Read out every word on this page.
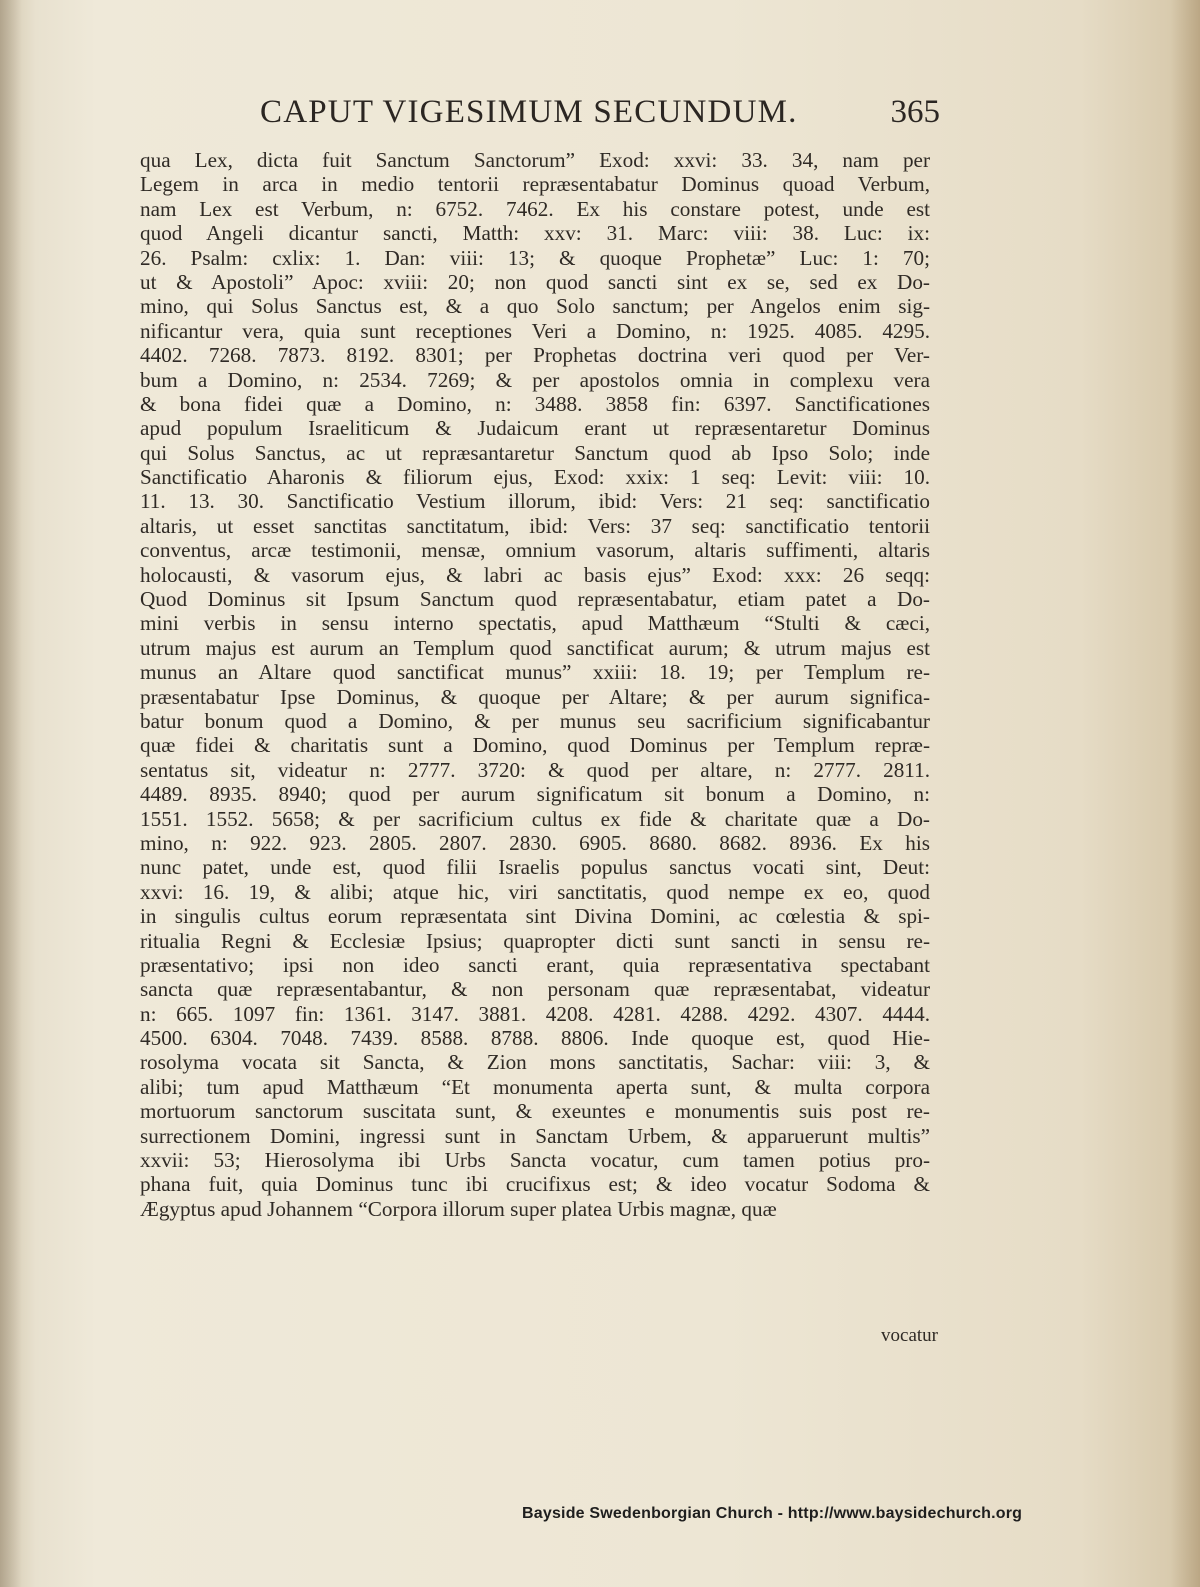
CAPUT VIGESIMUM SECUNDUM.	365
qua Lex, dicta fuit Sanctum Sanctorum” Exod: xxvi: 33. 34, nam per
Legem in arca in medio tentorii repræsentabatur Dominus quoad Verbum,
nam Lex est Verbum, n: 6752. 7462. Ex his constare potest, unde est
quod Angeli dicantur sancti, Matth: xxv: 31. Marc: viii: 38. Luc: ix:
26. Psalm: cxlix: 1. Dan: viii: 13; & quoque Prophetæ” Luc: 1: 70;
ut & Apostoli” Apoc: xviii: 20; non quod sancti sint ex se, sed ex Do-
mino, qui Solus Sanctus est, & a quo Solo sanctum; per Angelos enim sig-
nificantur vera, quia sunt receptiones Veri a Domino, n: 1925. 4085. 4295.
4402. 7268. 7873. 8192. 8301; per Prophetas doctrina veri quod per Ver-
bum a Domino, n: 2534. 7269; & per apostolos omnia in complexu vera
& bona fidei quæ a Domino, n: 3488. 3858 fin: 6397. Sanctificationes
apud populum Israeliticum & Judaicum erant ut repræsentaretur Dominus
qui Solus Sanctus, ac ut repræsantaretur Sanctum quod ab Ipso Solo; inde
Sanctificatio Aharonis & filiorum ejus, Exod: xxix: 1 seq: Levit: viii: 10.
11. 13. 30. Sanctificatio Vestium illorum, ibid: Vers: 21 seq: sanctificatio
altaris, ut esset sanctitas sanctitatum, ibid: Vers: 37 seq: sanctificatio tentorii
conventus, arcæ testimonii, mensæ, omnium vasorum, altaris suffimenti, altaris
holocausti, & vasorum ejus, & labri ac basis ejus” Exod: xxx: 26 seqq:
Quod Dominus sit Ipsum Sanctum quod repræsentabatur, etiam patet a Do-
mini verbis in sensu interno spectatis, apud Matthæum “Stulti & cæci,
utrum majus est aurum an Templum quod sanctificat aurum; & utrum majus est
munus an Altare quod sanctificat munus” xxiii: 18. 19; per Templum re-
præsentabatur Ipse Dominus, & quoque per Altare; & per aurum significa-
batur bonum quod a Domino, & per munus seu sacrificium significabantur
quæ fidei & charitatis sunt a Domino, quod Dominus per Templum repræ-
sentatus sit, videatur n: 2777. 3720: & quod per altare, n: 2777. 2811.
4489. 8935. 8940; quod per aurum significatum sit bonum a Domino, n:
1551. 1552. 5658; & per sacrificium cultus ex fide & charitate quæ a Do-
mino, n: 922. 923. 2805. 2807. 2830. 6905. 8680. 8682. 8936. Ex his
nunc patet, unde est, quod filii Israelis populus sanctus vocati sint, Deut:
xxvi: 16. 19, & alibi; atque hic, viri sanctitatis, quod nempe ex eo, quod
in singulis cultus eorum repræsentata sint Divina Domini, ac cœlestia & spi-
ritualia Regni & Ecclesiæ Ipsius; quapropter dicti sunt sancti in sensu re-
præsentativo; ipsi non ideo sancti erant, quia repræsentativa spectabant
sancta quæ repræsentabantur, & non personam quæ repræsentabat, videatur
n: 665. 1097 fin: 1361. 3147. 3881. 4208. 4281. 4288. 4292. 4307. 4444.
4500. 6304. 7048. 7439. 8588. 8788. 8806. Inde quoque est, quod Hie-
rosolyma vocata sit Sancta, & Zion mons sanctitatis, Sachar: viii: 3, &
alibi; tum apud Matthæum “Et monumenta aperta sunt, & multa corpora
mortuorum sanctorum suscitata sunt, & exeuntes e monumentis suis post re-
surrectionem Domini, ingressi sunt in Sanctam Urbem, & apparuerunt multis”
xxvii: 53; Hierosolyma ibi Urbs Sancta vocatur, cum tamen potius pro-
phana fuit, quia Dominus tunc ibi crucifixus est; & ideo vocatur Sodoma &
Ægyptus apud Johannem “Corpora illorum super platea Urbis magnæ, quæ
vocatur
Bayside Swedenborgian Church - http://www.baysidechurch.org
